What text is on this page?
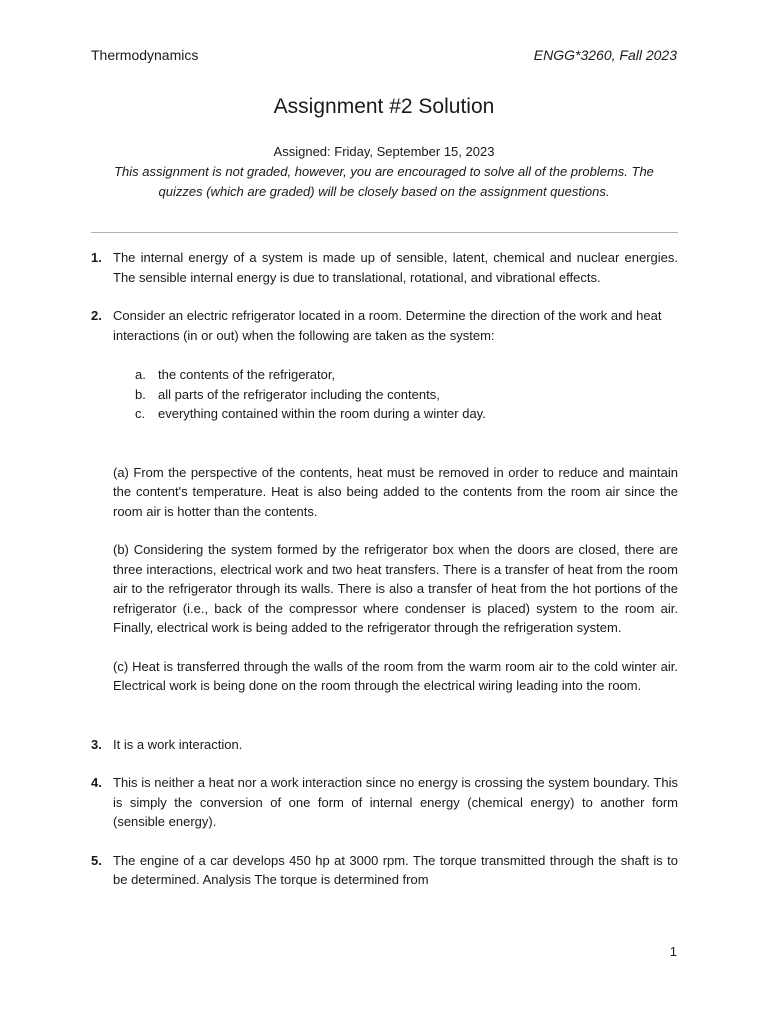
Thermodynamics	ENGG*3260, Fall 2023
Assignment #2 Solution
Assigned: Friday, September 15, 2023
This assignment is not graded, however, you are encouraged to solve all of the problems. The quizzes (which are graded) will be closely based on the assignment questions.
1. The internal energy of a system is made up of sensible, latent, chemical and nuclear energies. The sensible internal energy is due to translational, rotational, and vibrational effects.
2. Consider an electric refrigerator located in a room. Determine the direction of the work and heat interactions (in or out) when the following are taken as the system:
a. the contents of the refrigerator,
b. all parts of the refrigerator including the contents,
c. everything contained within the room during a winter day.
(a) From the perspective of the contents, heat must be removed in order to reduce and maintain the content's temperature. Heat is also being added to the contents from the room air since the room air is hotter than the contents.
(b) Considering the system formed by the refrigerator box when the doors are closed, there are three interactions, electrical work and two heat transfers. There is a transfer of heat from the room air to the refrigerator through its walls. There is also a transfer of heat from the hot portions of the refrigerator (i.e., back of the compressor where condenser is placed) system to the room air. Finally, electrical work is being added to the refrigerator through the refrigeration system.
(c) Heat is transferred through the walls of the room from the warm room air to the cold winter air. Electrical work is being done on the room through the electrical wiring leading into the room.
3. It is a work interaction.
4. This is neither a heat nor a work interaction since no energy is crossing the system boundary. This is simply the conversion of one form of internal energy (chemical energy) to another form (sensible energy).
5. The engine of a car develops 450 hp at 3000 rpm. The torque transmitted through the shaft is to be determined. Analysis The torque is determined from
1
